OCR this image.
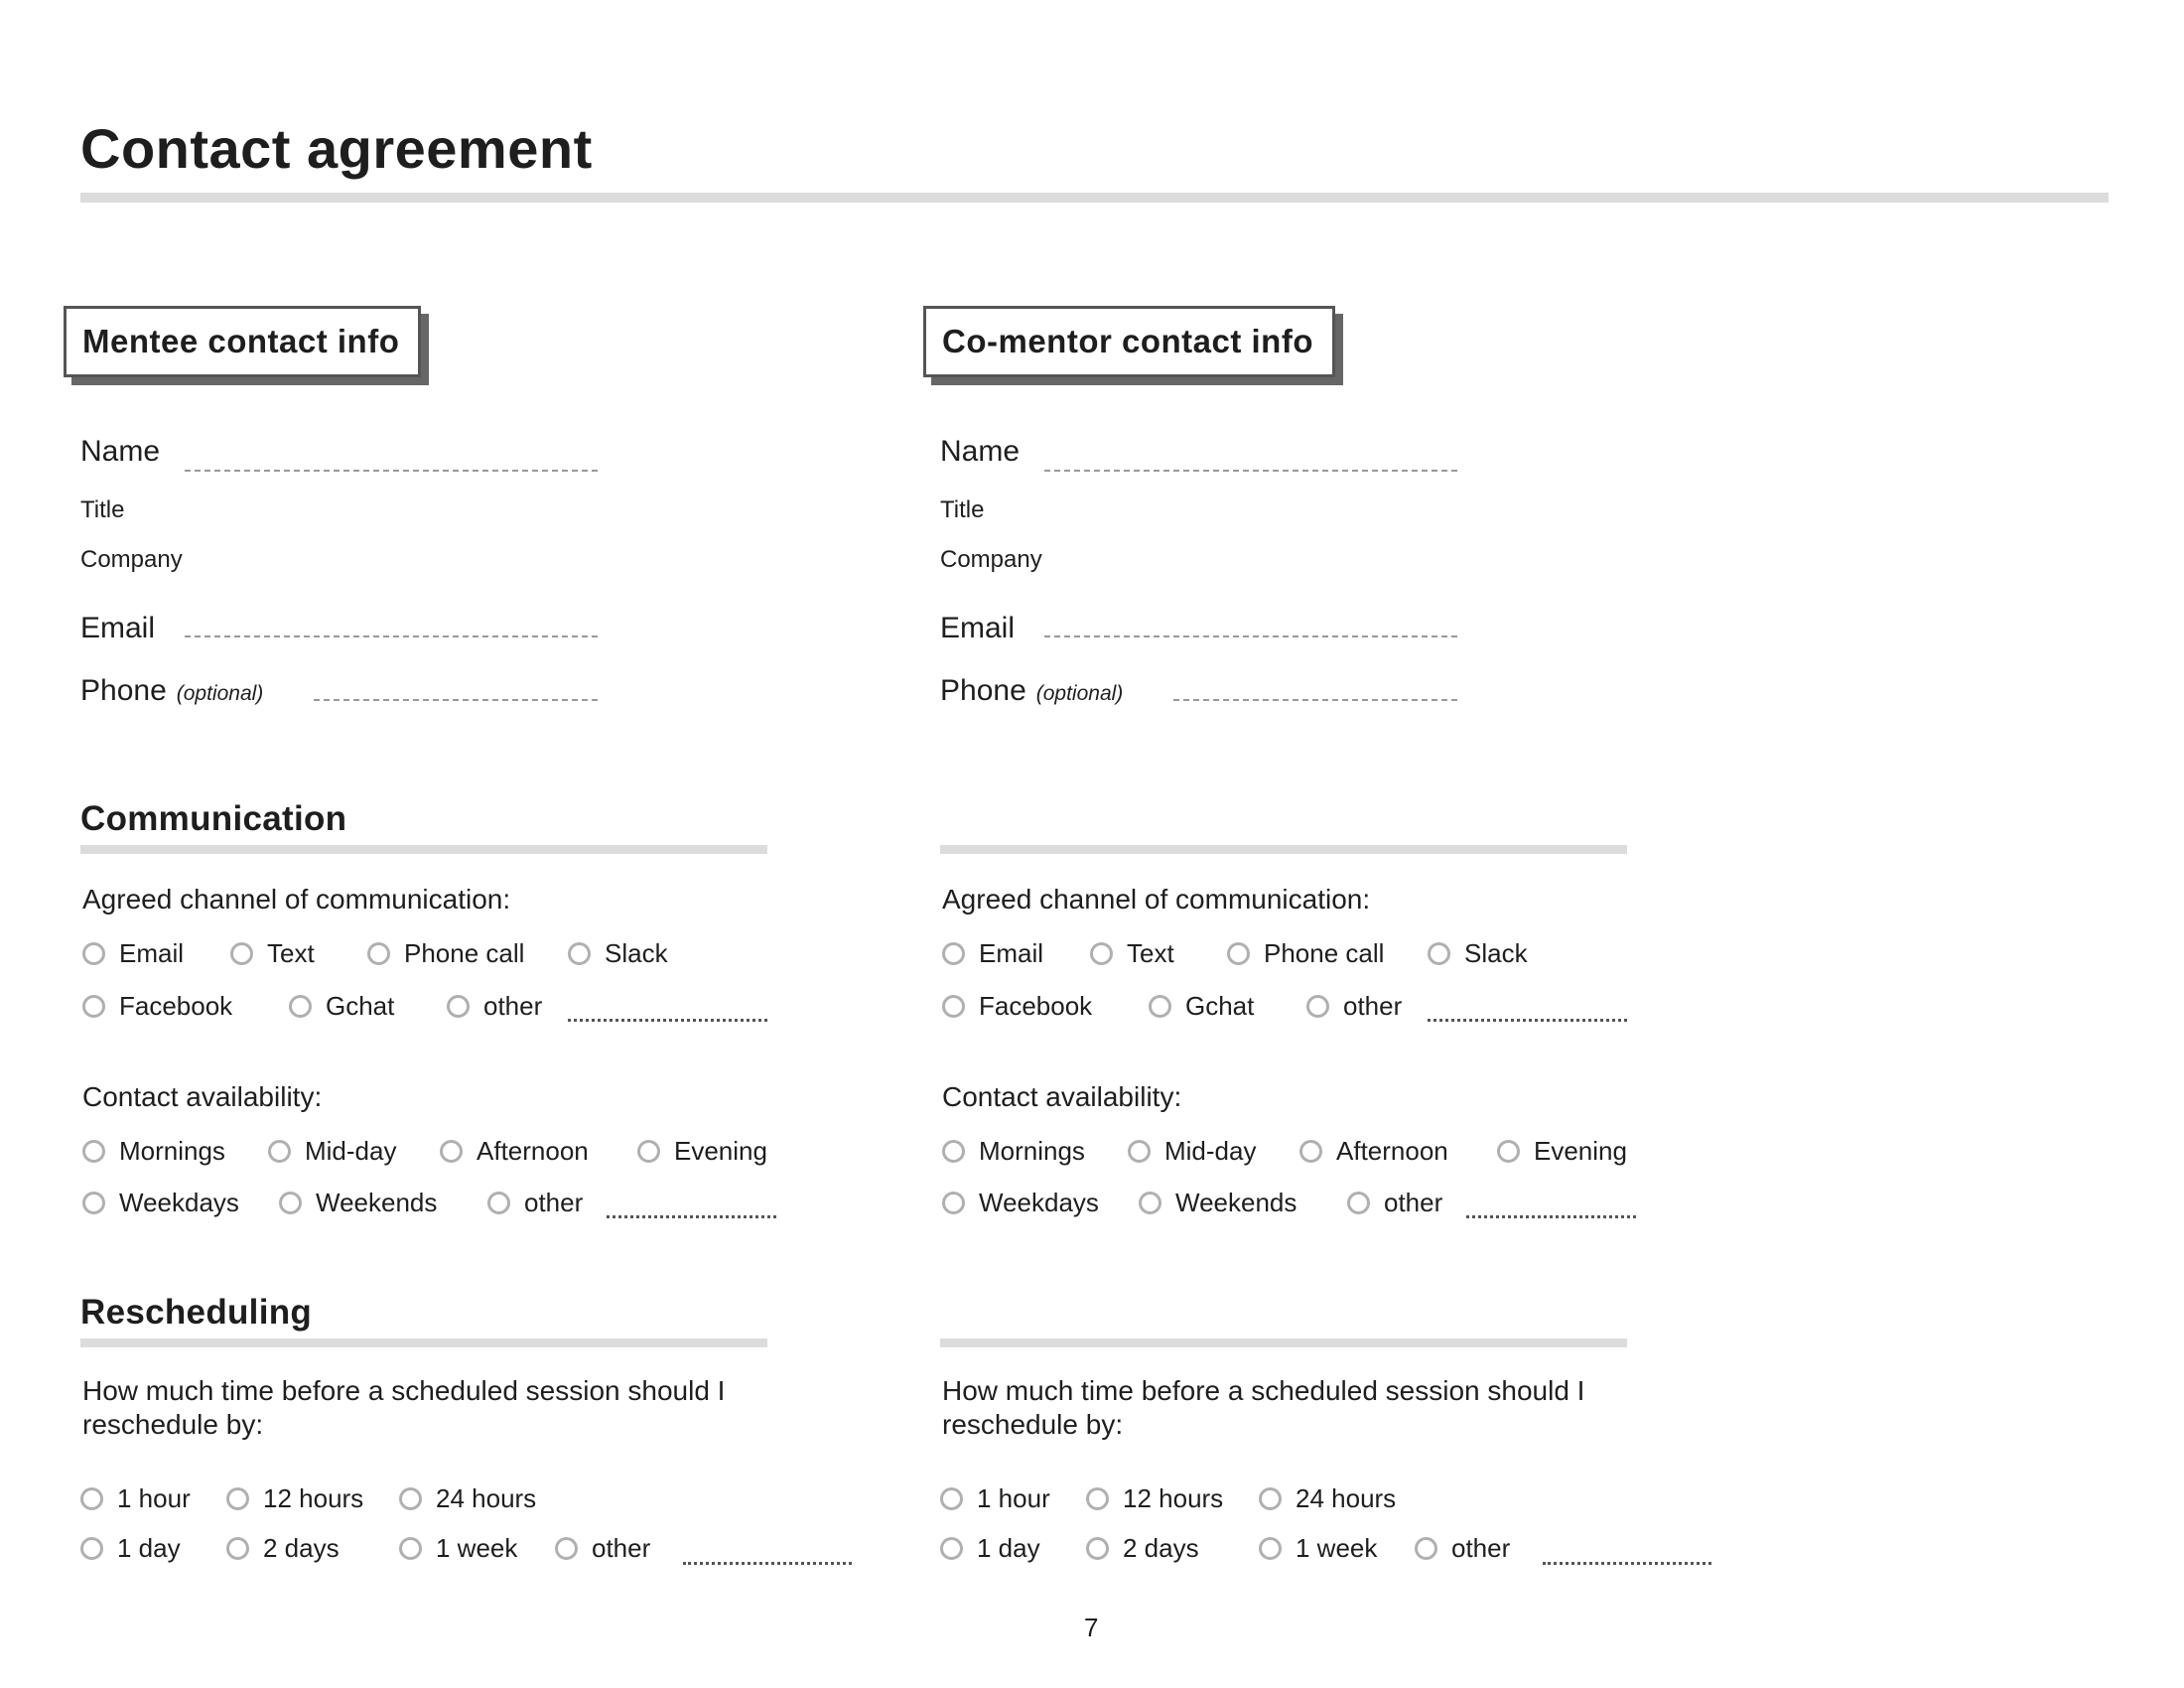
Contact agreement
Mentee contact info
Name
Title
Company
Email
Phone (optional)
Communication
Agreed channel of communication:
Email	Text	Phone call	Slack
Facebook	Gchat	other
Contact availability:
Mornings	Mid-day	Afternoon	Evening
Weekdays	Weekends	other
Rescheduling
How much time before a scheduled session should I reschedule by:
1 hour	12 hours	24 hours
1 day	2 days	1 week	other
Co-mentor contact info
Name
Title
Company
Email
Phone (optional)
Agreed channel of communication:
Email	Text	Phone call	Slack
Facebook	Gchat	other
Contact availability:
Mornings	Mid-day	Afternoon	Evening
Weekdays	Weekends	other
How much time before a scheduled session should I reschedule by:
1 hour	12 hours	24 hours
1 day	2 days	1 week	other
7
